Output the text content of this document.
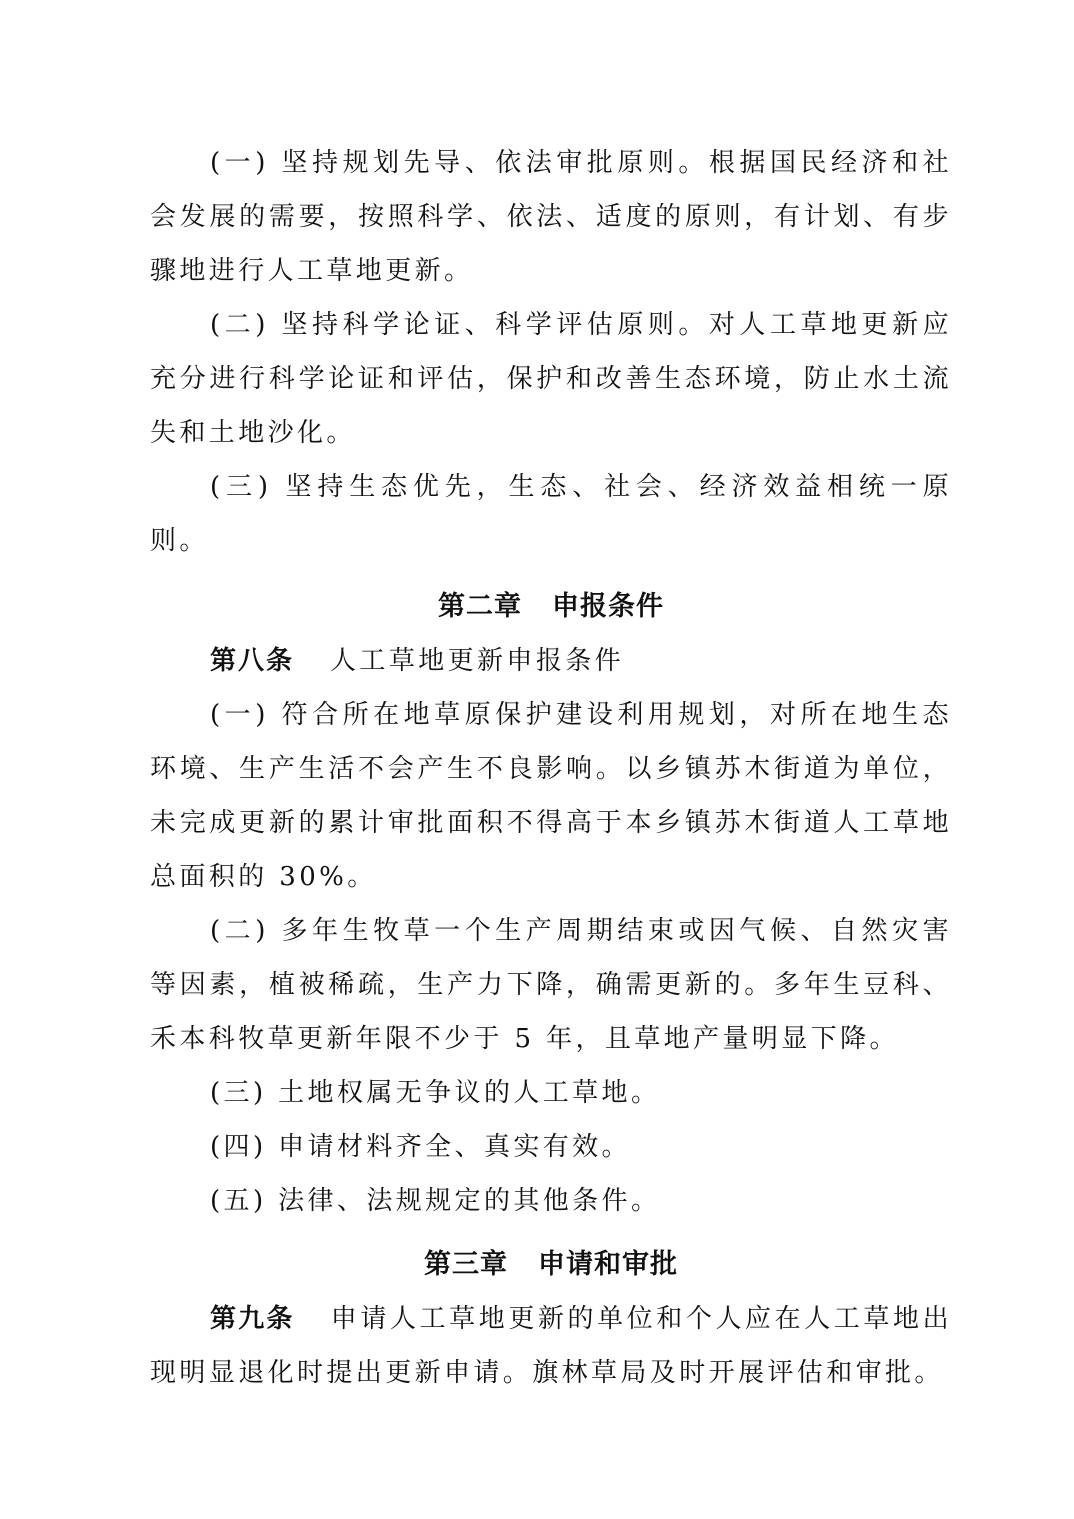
(一) 坚持规划先导、依法审批原则。根据国民经济和社会发展的需要，按照科学、依法、适度的原则，有计划、有步骤地进行人工草地更新。

(二) 坚持科学论证、科学评估原则。对人工草地更新应充分进行科学论证和评估，保护和改善生态环境，防止水土流失和土地沙化。

(三) 坚持生态优先，生态、社会、经济效益相统一原则。

第二章 申报条件

第八条 人工草地更新申报条件

(一) 符合所在地草原保护建设利用规划，对所在地生态环境、生产生活不会产生不良影响。以乡镇苏木街道为单位，未完成更新的累计审批面积不得高于本乡镇苏木街道人工草地总面积的 30%。

(二) 多年生牧草一个生产周期结束或因气候、自然灾害等因素，植被稀疏，生产力下降，确需更新的。多年生豆科、禾本科牧草更新年限不少于 5 年，且草地产量明显下降。

(三) 土地权属无争议的人工草地。

(四) 申请材料齐全、真实有效。

(五) 法律、法规规定的其他条件。

第三章 申请和审批

第九条 申请人工草地更新的单位和个人应在人工草地出现明显退化时提出更新申请。旗林草局及时开展评估和审批。
